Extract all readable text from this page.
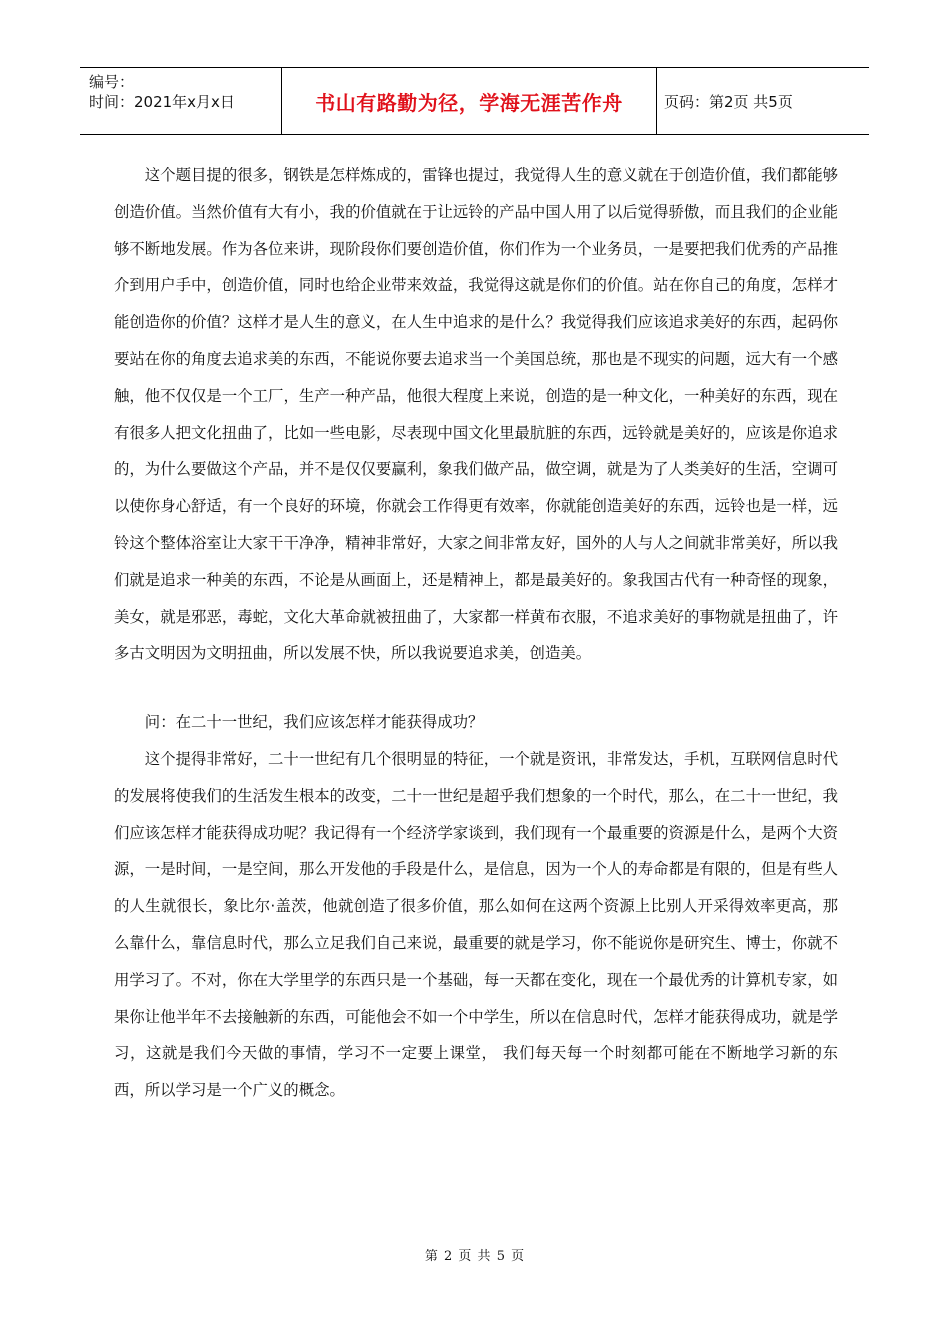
编号：
时间：2021年x月x日	书山有路勤为径，学海无涯苦作舟	页码：第2页 共5页

这个题目提的很多，钢铁是怎样炼成的，雷锋也提过，我觉得人生的意义就在于创造价值，我们都能够创造价值。当然价值有大有小，我的价值就在于让远铃的产品中国人用了以后觉得骄傲，而且我们的企业能够不断地发展。作为各位来讲，现阶段你们要创造价值，你们作为一个业务员，一是要把我们优秀的产品推介到用户手中，创造价值，同时也给企业带来效益，我觉得这就是你们的价值。站在你自己的角度，怎样才能创造你的价值？这样才是人生的意义，在人生中追求的是什么？我觉得我们应该追求美好的东西，起码你要站在你的角度去追求美的东西，不能说你要去追求当一个美国总统，那也是不现实的问题，远大有一个感触，他不仅仅是一个工厂，生产一种产品，他很大程度上来说，创造的是一种文化，一种美好的东西，现在有很多人把文化扭曲了，比如一些电影，尽表现中国文化里最肮脏的东西，远铃就是美好的，应该是你追求的，为什么要做这个产品，并不是仅仅要赢利，象我们做产品，做空调，就是为了人类美好的生活，空调可以使你身心舒适，有一个良好的环境，你就会工作得更有效率，你就能创造美好的东西，远铃也是一样，远铃这个整体浴室让大家干干净净，精神非常好，大家之间非常友好，国外的人与人之间就非常美好，所以我们就是追求一种美的东西，不论是从画面上，还是精神上，都是最美好的。象我国古代有一种奇怪的现象，美女，就是邪恶，毒蛇，文化大革命就被扭曲了，大家都一样黄布衣服，不追求美好的事物就是扭曲了，许多古文明因为文明扭曲，所以发展不快，所以我说要追求美，创造美。

问：在二十一世纪，我们应该怎样才能获得成功？

这个提得非常好，二十一世纪有几个很明显的特征，一个就是资讯，非常发达，手机，互联网信息时代的发展将使我们的生活发生根本的改变，二十一世纪是超乎我们想象的一个时代，那么，在二十一世纪，我们应该怎样才能获得成功呢？我记得有一个经济学家谈到，我们现有一个最重要的资源是什么，是两个大资源，一是时间，一是空间，那么开发他的手段是什么，是信息，因为一个人的寿命都是有限的，但是有些人的人生就很长，象比尔·盖茨，他就创造了很多价值，那么如何在这两个资源上比别人开采得效率更高，那么靠什么，靠信息时代，那么立足我们自己来说，最重要的就是学习，你不能说你是研究生、博士，你就不用学习了。不对，你在大学里学的东西只是一个基础，每一天都在变化，现在一个最优秀的计算机专家，如果你让他半年不去接触新的东西，可能他会不如一个中学生，所以在信息时代，怎样才能获得成功，就是学习，这就是我们今天做的事情，学习不一定要上课堂， 我们每天每一个时刻都可能在不断地学习新的东西，所以学习是一个广义的概念。

第 2 页 共 5 页
